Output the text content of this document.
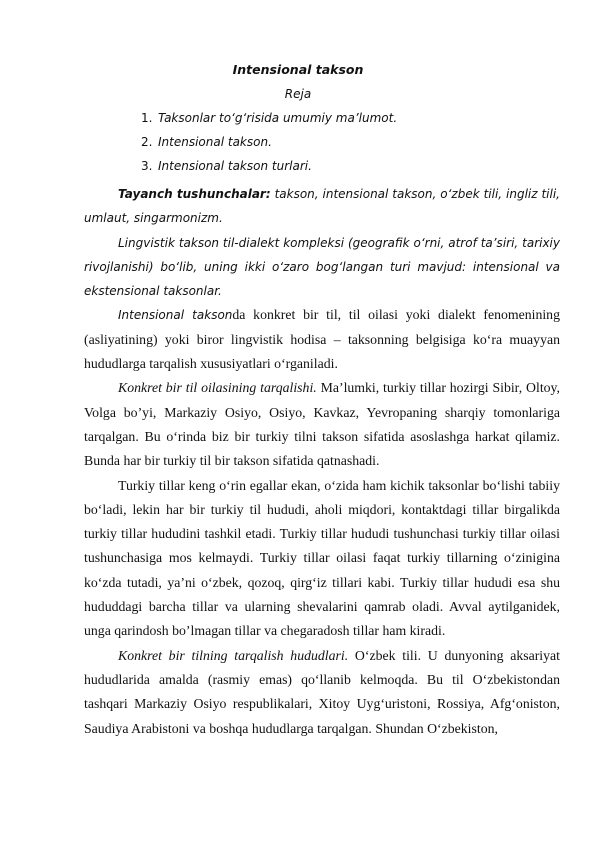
Intensional takson
Reja
1. Taksonlar to‘g‘risida umumiy ma’lumot.
2. Intensional takson.
3. Intensional takson turlari.

Tayanch tushunchalar: takson, intensional takson, o‘zbek tili, ingliz tili, umlaut, singarmonizm.

Lingvistik takson til-dialekt kompleksi (geografik o‘rni, atrof ta’siri, tarixiy rivojlanishi) bo‘lib, uning ikki o‘zaro bog‘langan turi mavjud: intensional va ekstensional taksonlar.

Intensional taksonda konkret bir til, til oilasi yoki dialekt fenomenining (asliyatining) yoki biror lingvistik hodisa – taksonning belgisiga ko‘ra muayyan hududlarga tarqalish xususiyatlari o‘rganiladi.

Konkret bir til oilasining tarqalishi. Ma’lumki, turkiy tillar hozirgi Sibir, Oltoy, Volga bo’yi, Markaziy Osiyo, Osiyo, Kavkaz, Yevropaning sharqiy tomonlariga tarqalgan. Bu o‘rinda biz bir turkiy tilni takson sifatida asoslashga harkat qilamiz. Bunda har bir turkiy til bir takson sifatida qatnashadi.

Turkiy tillar keng o‘rin egallar ekan, o‘zida ham kichik taksonlar bo‘lishi tabiiy bo‘ladi, lekin har bir turkiy til hududi, aholi miqdori, kontaktdagi tillar birgalikda turkiy tillar hududini tashkil etadi. Turkiy tillar hududi tushunchasi turkiy tillar oilasi tushunchasiga mos kelmaydi. Turkiy tillar oilasi faqat turkiy tillarning o‘zinigina ko‘zda tutadi, ya’ni o‘zbek, qozoq, qirg‘iz tillari kabi. Turkiy tillar hududi esa shu hududdagi barcha tillar va ularning shevalarini qamrab oladi. Avval aytilganidek, unga qarindosh bo’lmagan tillar va chegaradosh tillar ham kiradi.

Konkret bir tilning tarqalish hududlari. O‘zbek tili. U dunyoning aksariyat hududlarida amalda (rasmiy emas) qo‘llanib kelmoqda. Bu til O‘zbekistondan tashqari Markaziy Osiyo respublikalari, Xitoy Uyg‘uristoni, Rossiya, Afg‘oniston, Saudiya Arabistoni va boshqa hududlarga tarqalgan. Shundan O‘zbekiston,
